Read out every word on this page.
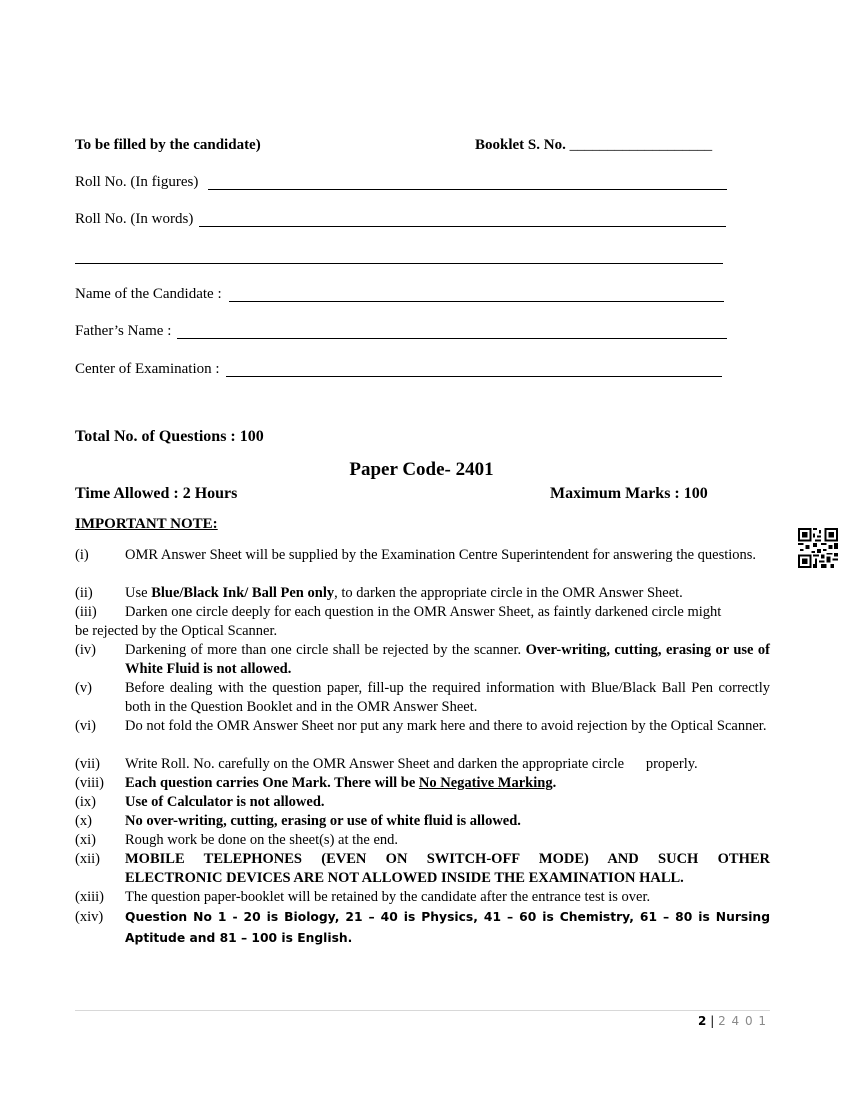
To be filled by the candidate)	Booklet S. No. ___________________
Roll No. (In figures)
Roll No. (In words)
Name of the Candidate :
Father’s Name :
Center of Examination :
Total No. of Questions : 100
Paper Code- 2401
Time Allowed : 2 Hours	Maximum Marks : 100
IMPORTANT NOTE:
(i)	OMR Answer Sheet will be supplied by the Examination Centre Superintendent for answering the questions.
(ii) Use Blue/Black Ink/ Ball Pen only, to darken the appropriate circle in the OMR Answer Sheet.
(iii) Darken one circle deeply for each question in the OMR Answer Sheet, as faintly darkened circle might
be rejected by the Optical Scanner.
(iv) Darkening of more than one circle shall be rejected by the scanner. Over-writing, cutting, erasing or use of White Fluid is not allowed.
(v) Before dealing with the question paper, fill-up the required information with Blue/Black Ball Pen correctly both in the Question Booklet and in the OMR Answer Sheet.
(vi) Do not fold the OMR Answer Sheet nor put any mark here and there to avoid rejection by the Optical Scanner.
(vii) Write Roll. No. carefully on the OMR Answer Sheet and darken the appropriate circle      properly.
(viii) Each question carries One Mark. There will be No Negative Marking.
(ix) Use of Calculator is not allowed.
(x) No over-writing, cutting, erasing or use of white fluid is allowed.
(xi) Rough work be done on the sheet(s) at the end.
(xii) MOBILE TELEPHONES (EVEN ON SWITCH-OFF MODE) AND SUCH OTHER
ELECTRONIC DEVICES ARE NOT ALLOWED INSIDE THE EXAMINATION HALL.
(xiii) The question paper-booklet will be retained by the candidate after the entrance test is over.
(xiv) Question No 1 - 20 is Biology, 21 – 40 is Physics, 41 – 60 is Chemistry, 61 – 80 is Nursing Aptitude and 81 – 100 is English.
2 | 2 4 0 1
